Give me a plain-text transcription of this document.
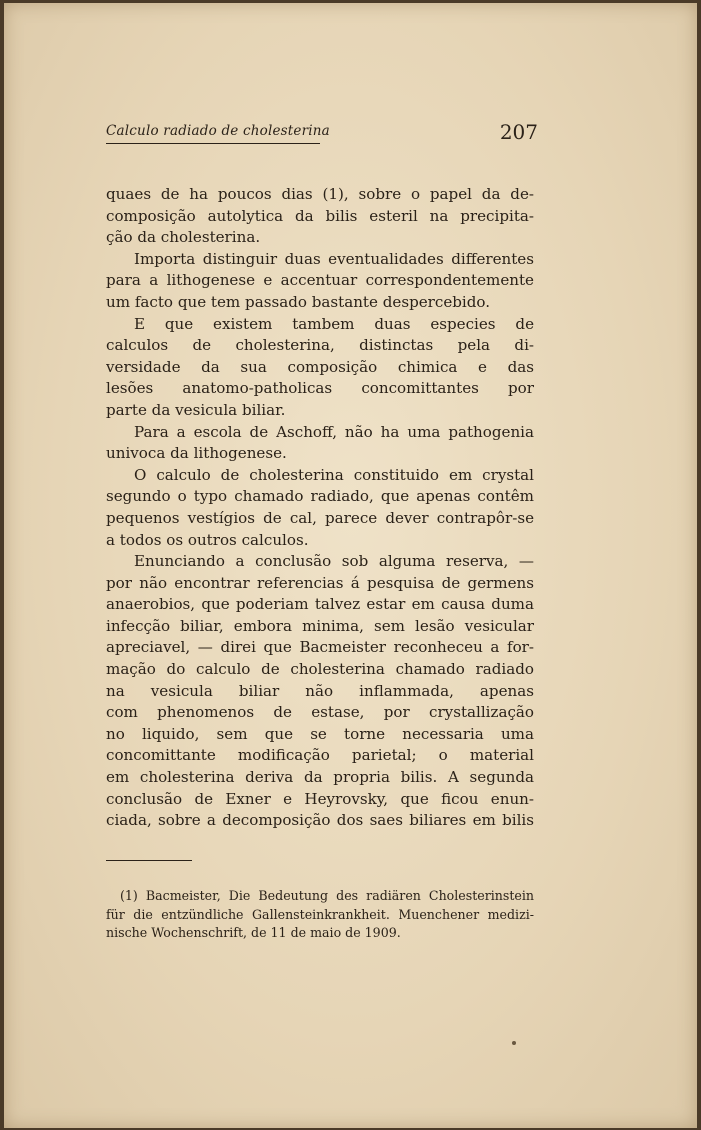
Calculo radiado de cholesterina	207
quaes de ha poucos dias (1), sobre o papel da de-
composição autolytica da bilis esteril na precipita-
ção da cholesterina.
Importa distinguir duas eventualidades differentes
para a lithogenese e accentuar correspondentemente
um facto que tem passado bastante despercebido.
E que existem tambem duas especies de
calculos de cholesterina, distinctas pela di-
versidade da sua composição chimica e das
lesões anatomo-patholicas concomittantes por
parte da vesicula biliar.
Para a escola de Aschoff, não ha uma pathogenia
univoca da lithogenese.
O calculo de cholesterina constituido em crystal
segundo o typo chamado radiado, que apenas contêm
pequenos vestígios de cal, parece dever contrapôr-se
a todos os outros calculos.
Enunciando a conclusão sob alguma reserva, —
por não encontrar referencias á pesquisa de germens
anaerobios, que poderiam talvez estar em causa duma
infecção biliar, embora minima, sem lesão vesicular
apreciavel, — direi que Bacmeister reconheceu a for-
mação do calculo de cholesterina chamado radiado
na vesicula biliar não inflammada, apenas
com phenomenos de estase, por crystallização
no liquido, sem que se torne necessaria uma
concomittante modificação parietal; o material
em cholesterina deriva da propria bilis. A segunda
conclusão de Exner e Heyrovsky, que ficou enun-
ciada, sobre a decomposição dos saes biliares em bilis
(1) Bacmeister, Die Bedeutung des radiären Cholesterinstein
für die entzündliche Gallensteinkrankheit. Muenchener medizi-
nische Wochenschrift, de 11 de maio de 1909.
